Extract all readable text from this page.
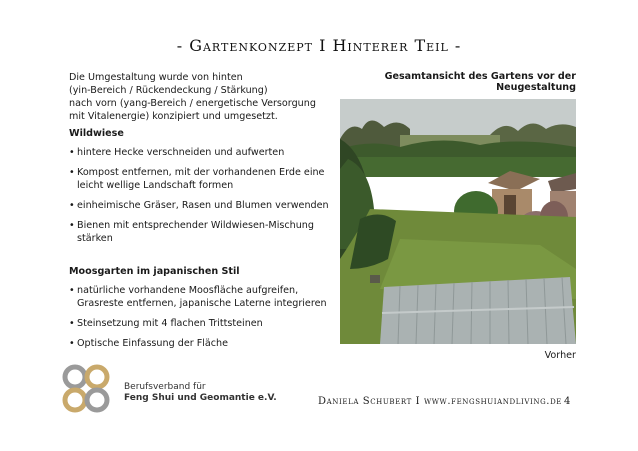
- Gartenkonzept I Hinterer Teil -

Die Umgestaltung wurde von hinten

(yin-Bereich / Rückendeckung / Stärkung)

nach vorn (yang-Bereich / energetische Versorgung

mit Vitalenergie) konzipiert und umgesetzt.

Wildwiese
• hintere Hecke verschneiden und aufwerten
• Kompost entfernen, mit der vorhandenen Erde eine leicht wellige Landschaft formen
• einheimische Gräser, Rasen und Blumen verwenden
• Bienen mit entsprechender Wildwiesen-Mischung stärken
Moosgarten im japanischen Stil
• natürliche vorhandene Moosfläche aufgreifen, Grasreste entfernen, japanische Laterne integrieren
• Steinsetzung mit 4 flachen Trittsteinen
• Optische Einfassung der Fläche
Gesamtansicht des Gartens vor der Neugestaltung
Vorher
Berufsverband für
Feng Shui und Geomantie e.V.	Daniela Schubert I www.fengshuiandliving.de 4
